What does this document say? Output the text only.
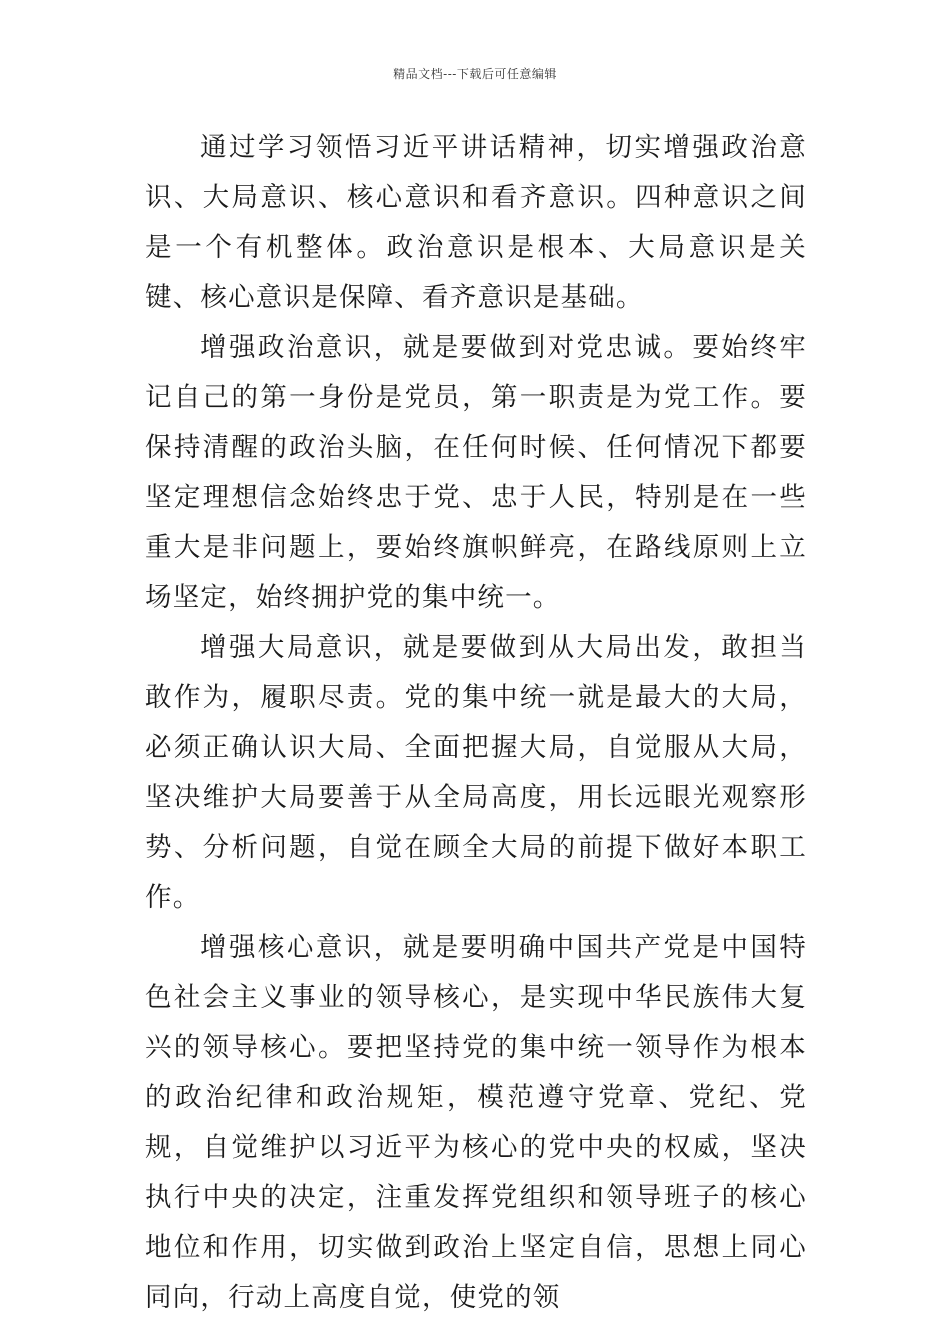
精品文档---下载后可任意编辑

通过学习领悟习近平讲话精神，切实增强政治意识、大局意识、核心意识和看齐意识。四种意识之间是一个有机整体。政治意识是根本、大局意识是关键、核心意识是保障、看齐意识是基础。

增强政治意识，就是要做到对党忠诚。要始终牢记自己的第一身份是党员，第一职责是为党工作。要保持清醒的政治头脑，在任何时候、任何情况下都要坚定理想信念始终忠于党、忠于人民，特别是在一些重大是非问题上，要始终旗帜鲜亮，在路线原则上立场坚定，始终拥护党的集中统一。

增强大局意识，就是要做到从大局出发，敢担当敢作为，履职尽责。党的集中统一就是最大的大局，必须正确认识大局、全面把握大局，自觉服从大局，坚决维护大局要善于从全局高度，用长远眼光观察形势、分析问题，自觉在顾全大局的前提下做好本职工作。

增强核心意识，就是要明确中国共产党是中国特色社会主义事业的领导核心，是实现中华民族伟大复兴的领导核心。要把坚持党的集中统一领导作为根本的政治纪律和政治规矩，模范遵守党章、党纪、党规，自觉维护以习近平为核心的党中央的权威，坚决执行中央的决定，注重发挥党组织和领导班子的核心地位和作用，切实做到政治上坚定自信，思想上同心同向，行动上高度自觉，使党的领
